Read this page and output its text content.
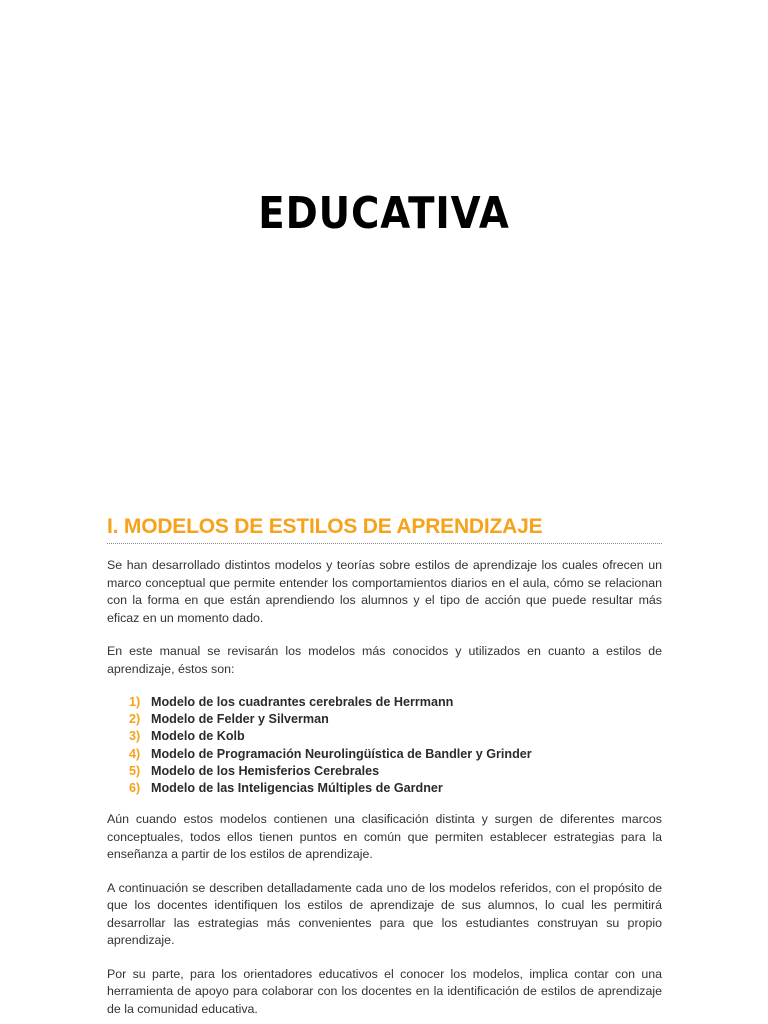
EDUCATIVA
I. MODELOS DE ESTILOS DE APRENDIZAJE

Se han desarrollado distintos modelos y teorías sobre estilos de aprendizaje los cuales ofrecen un marco conceptual que permite entender los comportamientos diarios en el aula, cómo se relacionan con la forma en que están aprendiendo los alumnos y el tipo de acción que puede resultar más eficaz en un momento dado.

En este manual se revisarán los modelos más conocidos y utilizados en cuanto a estilos de aprendizaje, éstos son:

1) Modelo de los cuadrantes cerebrales de Herrmann
2) Modelo de Felder y Silverman
3) Modelo de Kolb
4) Modelo de Programación Neurolingüística de Bandler y Grinder
5) Modelo de los Hemisferios Cerebrales
6) Modelo de las Inteligencias Múltiples de Gardner

Aún cuando estos modelos contienen una clasificación distinta y surgen de diferentes marcos conceptuales, todos ellos tienen puntos en común que permiten establecer estrategias para la enseñanza a partir de los estilos de aprendizaje.

A continuación se describen detalladamente cada uno de los modelos referidos, con el propósito de que los docentes identifiquen los estilos de aprendizaje de sus alumnos, lo cual les permitirá desarrollar las estrategias más convenientes para que los estudiantes construyan su propio aprendizaje.

Por su parte, para los orientadores educativos el conocer los modelos, implica contar con una herramienta de apoyo para colaborar con los docentes en la identificación de estilos de aprendizaje de la comunidad educativa.
